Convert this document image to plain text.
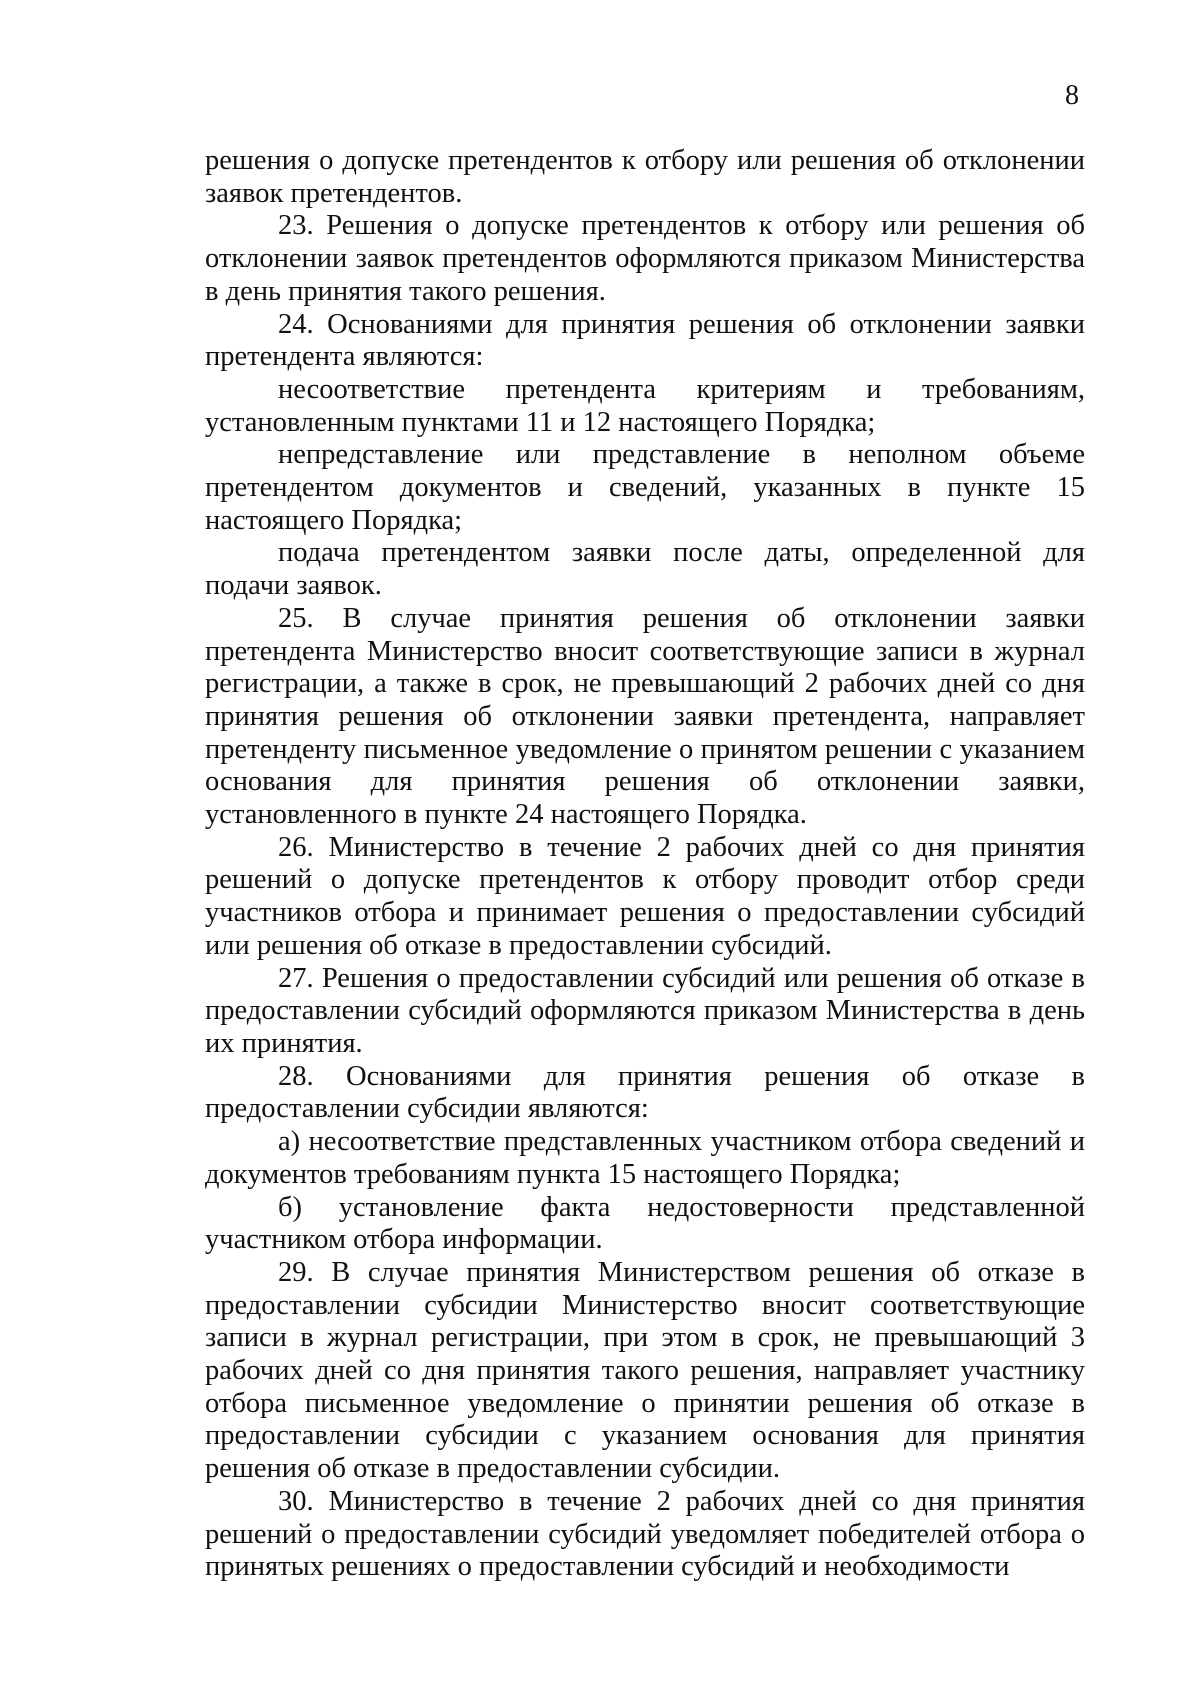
8

решения о допуске претендентов к отбору или решения об отклонении заявок претендентов.

23. Решения о допуске претендентов к отбору или решения об отклонении заявок претендентов оформляются приказом Министерства в день принятия такого решения.

24. Основаниями для принятия решения об отклонении заявки претендента являются:

несоответствие претендента критериям и требованиям, установленным пунктами 11 и 12 настоящего Порядка;

непредставление или представление в неполном объеме претендентом документов и сведений, указанных в пункте 15 настоящего Порядка;

подача претендентом заявки после даты, определенной для подачи заявок.

25. В случае принятия решения об отклонении заявки претендента Министерство вносит соответствующие записи в журнал регистрации, а также в срок, не превышающий 2 рабочих дней со дня принятия решения об отклонении заявки претендента, направляет претенденту письменное уведомление о принятом решении с указанием основания для принятия решения об отклонении заявки, установленного в пункте 24 настоящего Порядка.

26. Министерство в течение 2 рабочих дней со дня принятия решений о допуске претендентов к отбору проводит отбор среди участников отбора и принимает решения о предоставлении субсидий или решения об отказе в предоставлении субсидий.

27. Решения о предоставлении субсидий или решения об отказе в предоставлении субсидий оформляются приказом Министерства в день их принятия.

28. Основаниями для принятия решения об отказе в предоставлении субсидии являются:

а) несоответствие представленных участником отбора сведений и документов требованиям пункта 15 настоящего Порядка;

б) установление факта недостоверности представленной участником отбора информации.

29. В случае принятия Министерством решения об отказе в предоставлении субсидии Министерство вносит соответствующие записи в журнал регистрации, при этом в срок, не превышающий 3 рабочих дней со дня принятия такого решения, направляет участнику отбора письменное уведомление о принятии решения об отказе в предоставлении субсидии с указанием основания для принятия решения об отказе в предоставлении субсидии.

30. Министерство в течение 2 рабочих дней со дня принятия решений о предоставлении субсидий уведомляет победителей отбора о принятых решениях о предоставлении субсидий и необходимости
